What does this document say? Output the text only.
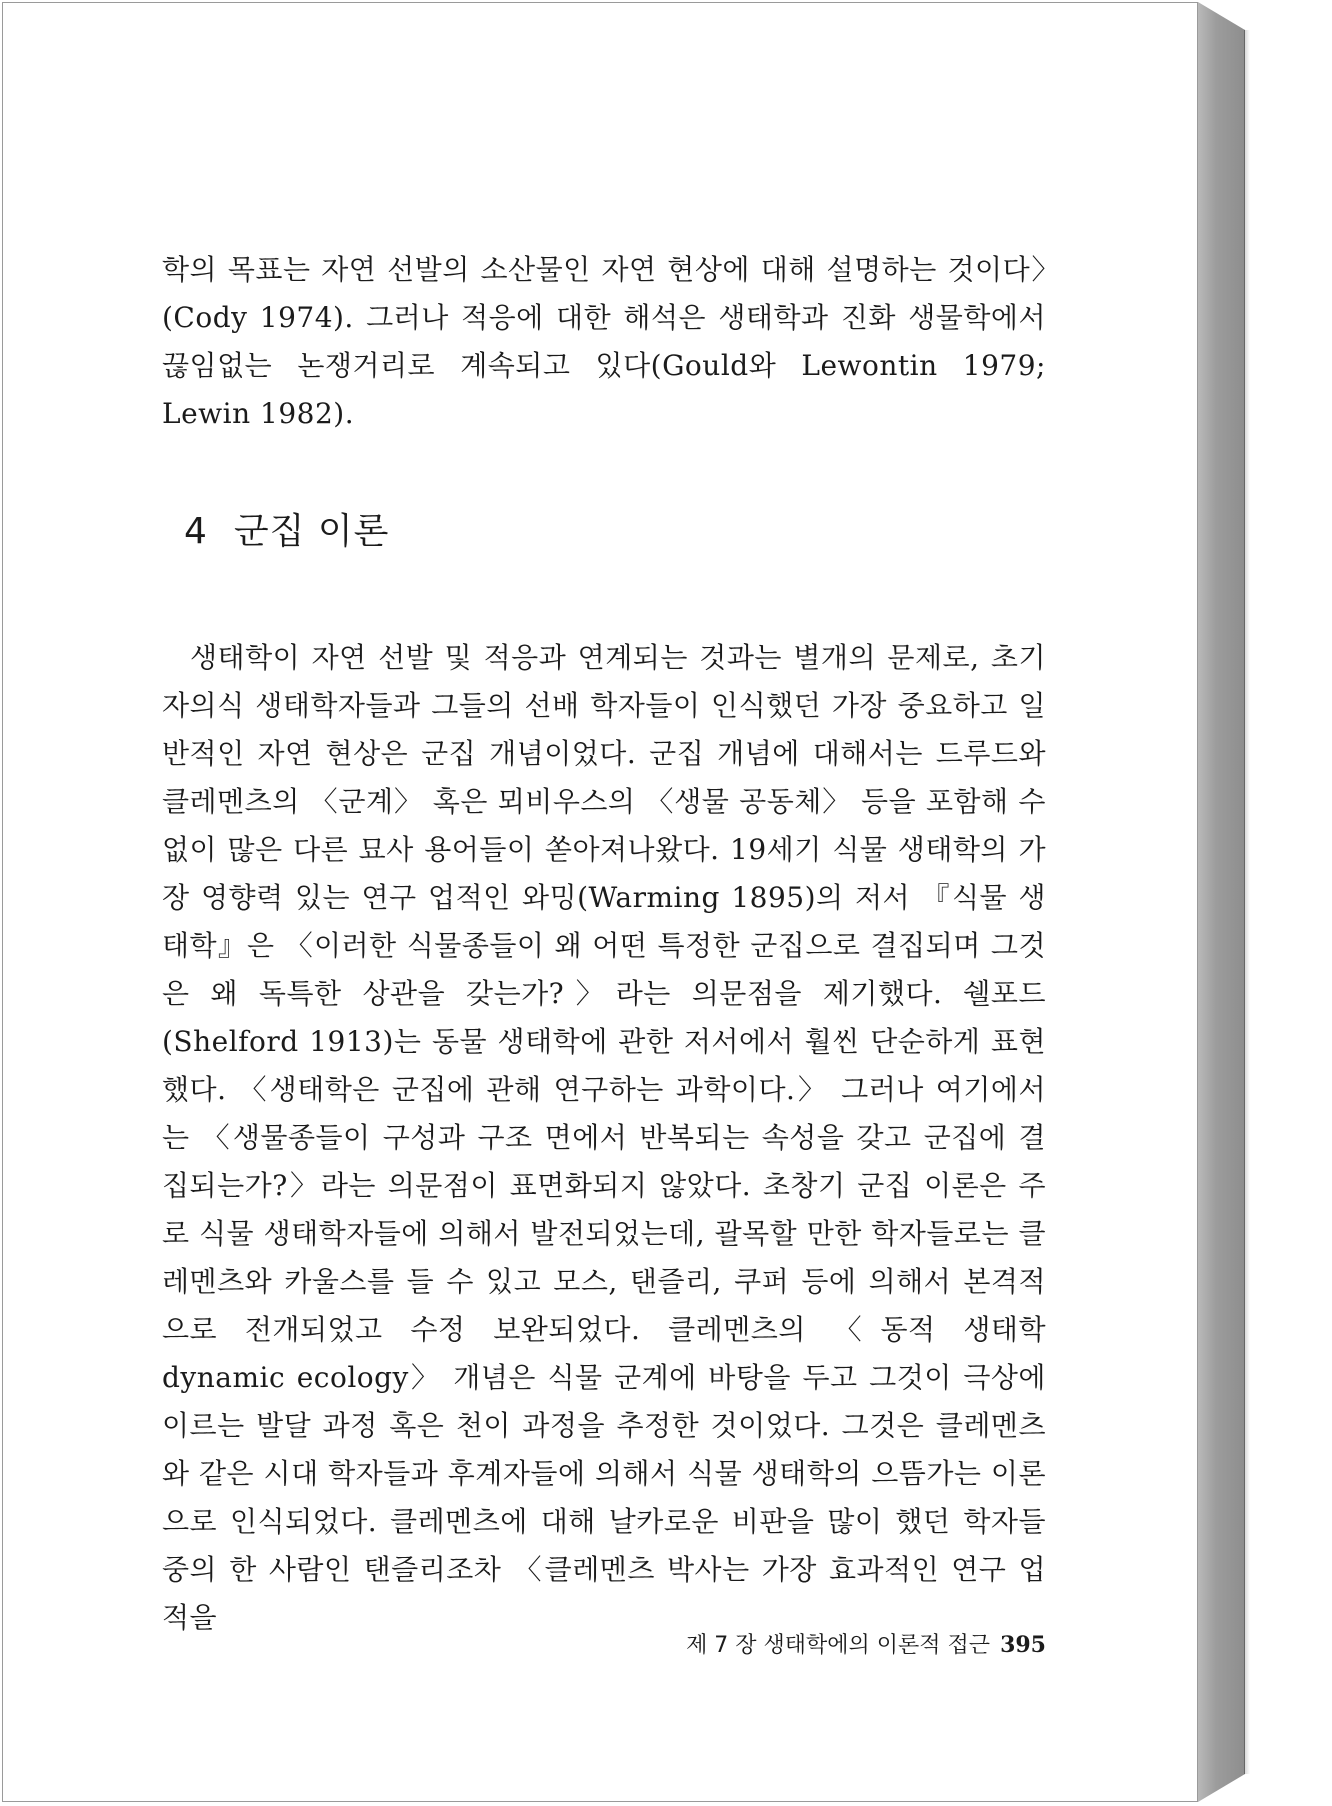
학의 목표는 자연 선발의 소산물인 자연 현상에 대해 설명하는 것이다〉(Cody 1974). 그러나 적응에 대한 해석은 생태학과 진화 생물학에서 끊임없는 논쟁거리로 계속되고 있다(Gould와 Lewontin 1979; Lewin 1982).

4 군집 이론

생태학이 자연 선발 및 적응과 연계되는 것과는 별개의 문제로, 초기 자의식 생태학자들과 그들의 선배 학자들이 인식했던 가장 중요하고 일반적인 자연 현상은 군집 개념이었다. 군집 개념에 대해서는 드루드와 클레멘츠의 〈군계〉 혹은 뫼비우스의 〈생물 공동체〉 등을 포함해 수없이 많은 다른 묘사 용어들이 쏟아져나왔다. 19세기 식물 생태학의 가장 영향력 있는 연구 업적인 와밍(Warming 1895)의 저서 『식물 생태학』은 〈이러한 식물종들이 왜 어떤 특정한 군집으로 결집되며 그것은 왜 독특한 상관을 갖는가?〉라는 의문점을 제기했다. 쉘포드(Shelford 1913)는 동물 생태학에 관한 저서에서 훨씬 단순하게 표현했다. 〈생태학은 군집에 관해 연구하는 과학이다.〉 그러나 여기에서는 〈생물종들이 구성과 구조 면에서 반복되는 속성을 갖고 군집에 결집되는가?〉라는 의문점이 표면화되지 않았다. 초창기 군집 이론은 주로 식물 생태학자들에 의해서 발전되었는데, 괄목할 만한 학자들로는 클레멘츠와 카울스를 들 수 있고 모스, 탠즐리, 쿠퍼 등에 의해서 본격적으로 전개되었고 수정 보완되었다. 클레멘츠의 〈동적 생태학 dynamic ecology〉 개념은 식물 군계에 바탕을 두고 그것이 극상에 이르는 발달 과정 혹은 천이 과정을 추정한 것이었다. 그것은 클레멘츠와 같은 시대 학자들과 후계자들에 의해서 식물 생태학의 으뜸가는 이론으로 인식되었다. 클레멘츠에 대해 날카로운 비판을 많이 했던 학자들 중의 한 사람인 탠즐리조차 〈클레멘츠 박사는 가장 효과적인 연구 업적을

제 7 장 생태학에의 이론적 접근 395
